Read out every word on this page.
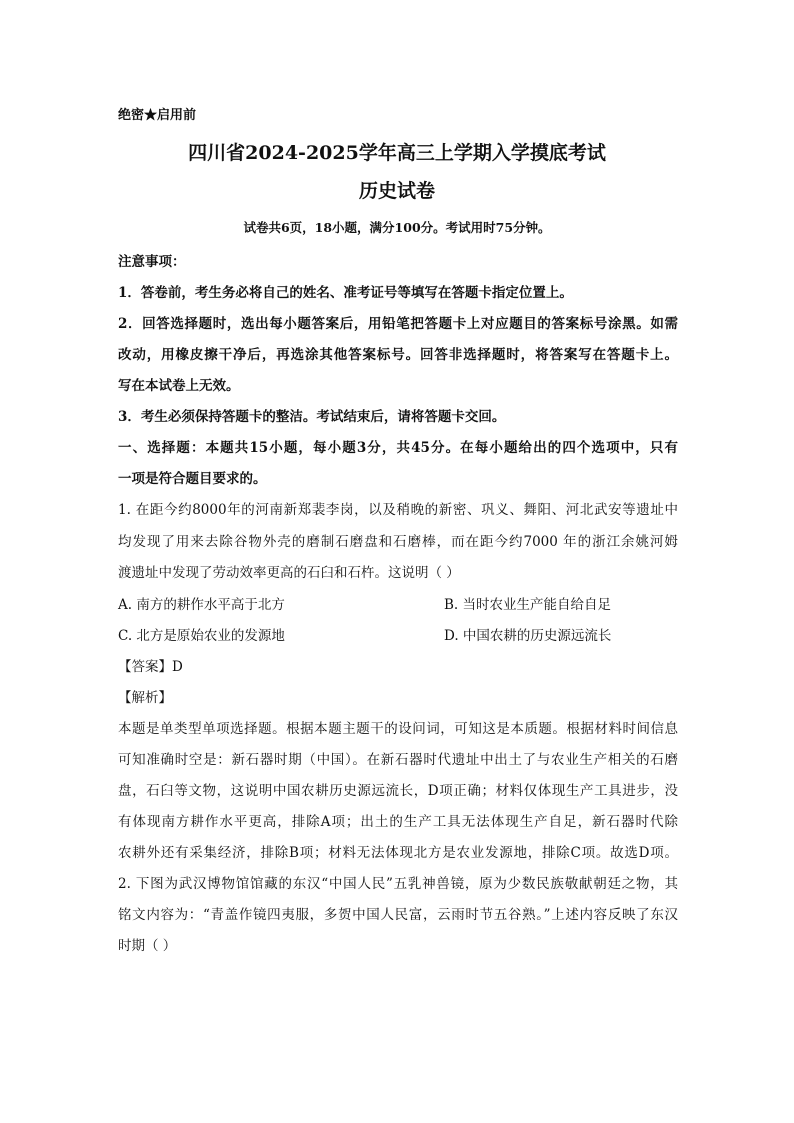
绝密★启用前
四川省2024-2025学年高三上学期入学摸底考试
历史试卷
试卷共6页，18小题，满分100分。考试用时75分钟。
注意事项：
1．答卷前，考生务必将自己的姓名、准考证号等填写在答题卡指定位置上。
2．回答选择题时，选出每小题答案后，用铅笔把答题卡上对应题目的答案标号涂黑。如需
改动，用橡皮擦干净后，再选涂其他答案标号。回答非选择题时，将答案写在答题卡上。
写在本试卷上无效。
3．考生必须保持答题卡的整洁。考试结束后，请将答题卡交回。
一、选择题：本题共15小题，每小题3分，共45分。在每小题给出的四个选项中，只有
一项是符合题目要求的。
1. 在距今约8000年的河南新郑裴李岗，以及稍晚的新密、巩义、舞阳、河北武安等遗址中
均发现了用来去除谷物外壳的磨制石磨盘和石磨棒，而在距今约7000 年的浙江余姚河姆
渡遗址中发现了劳动效率更高的石臼和石杵。这说明（ ）
A. 南方的耕作水平高于北方	B. 当时农业生产能自给自足
C. 北方是原始农业的发源地	D. 中国农耕的历史源远流长
【答案】D
【解析】
本题是单类型单项选择题。根据本题主题干的设问词，可知这是本质题。根据材料时间信息
可知准确时空是：新石器时期（中国）。在新石器时代遗址中出土了与农业生产相关的石磨
盘，石臼等文物，这说明中国农耕历史源远流长，D项正确；材料仅体现生产工具进步，没
有体现南方耕作水平更高，排除A项；出土的生产工具无法体现生产自足，新石器时代除
农耕外还有采集经济，排除B项；材料无法体现北方是农业发源地，排除C项。故选D项。
2. 下图为武汉博物馆馆藏的东汉“中国人民”五乳神兽镜，原为少数民族敬献朝廷之物，其
铭文内容为：“青盖作镜四夷服，多贺中国人民富，云雨时节五谷熟。”上述内容反映了东汉
时期（ ）
